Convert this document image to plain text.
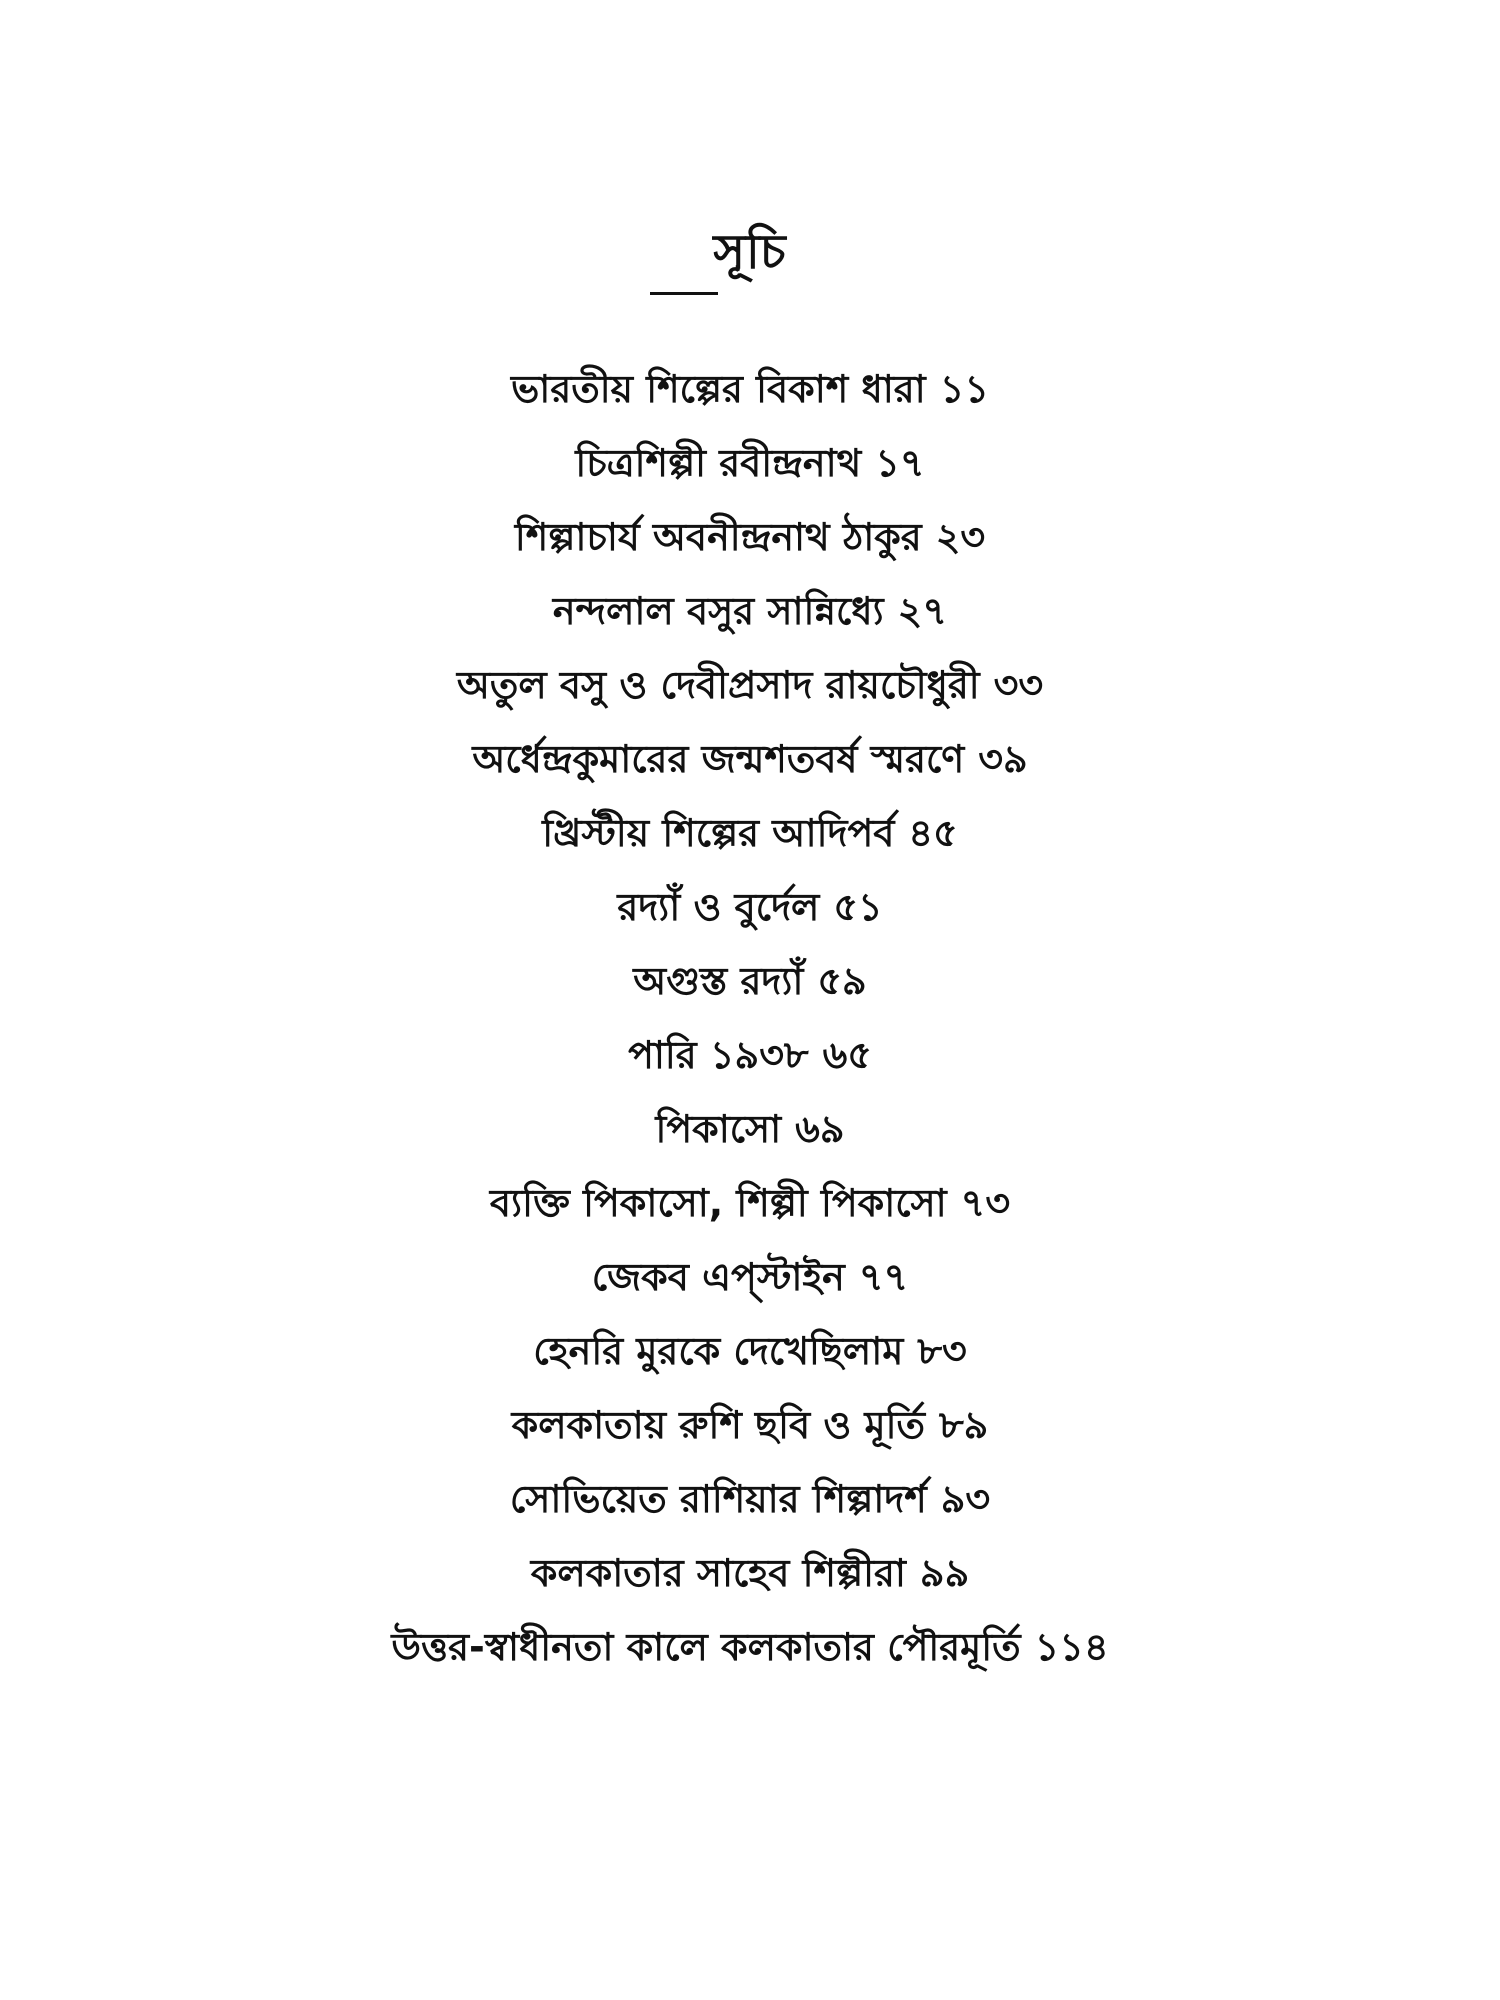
সূচি
ভারতীয় শিল্পের বিকাশ ধারা ১১
চিত্রশিল্পী রবীন্দ্রনাথ ১৭
শিল্পাচার্য অবনীন্দ্রনাথ ঠাকুর ২৩
নন্দলাল বসুর সান্নিধ্যে ২৭
অতুল বসু ও দেবীপ্রসাদ রায়চৌধুরী ৩৩
অর্ধেন্দ্রকুমারের জন্মশতবর্ষ স্মরণে ৩৯
খ্রিস্টীয় শিল্পের আদিপর্ব ৪৫
রদ্যাঁ ও বুর্দেল ৫১
অগুস্ত রদ্যাঁ ৫৯
পারি ১৯৩৮ ৬৫
পিকাসো ৬৯
ব্যক্তি পিকাসো, শিল্পী পিকাসো ৭৩
জেকব এপ্‌স্টাইন ৭৭
হেনরি মুরকে দেখেছিলাম ৮৩
কলকাতায় রুশি ছবি ও মূর্তি ৮৯
সোভিয়েত রাশিয়ার শিল্পাদর্শ ৯৩
কলকাতার সাহেব শিল্পীরা ৯৯
উত্তর-স্বাধীনতা কালে কলকাতার পৌরমূর্তি ১১৪
